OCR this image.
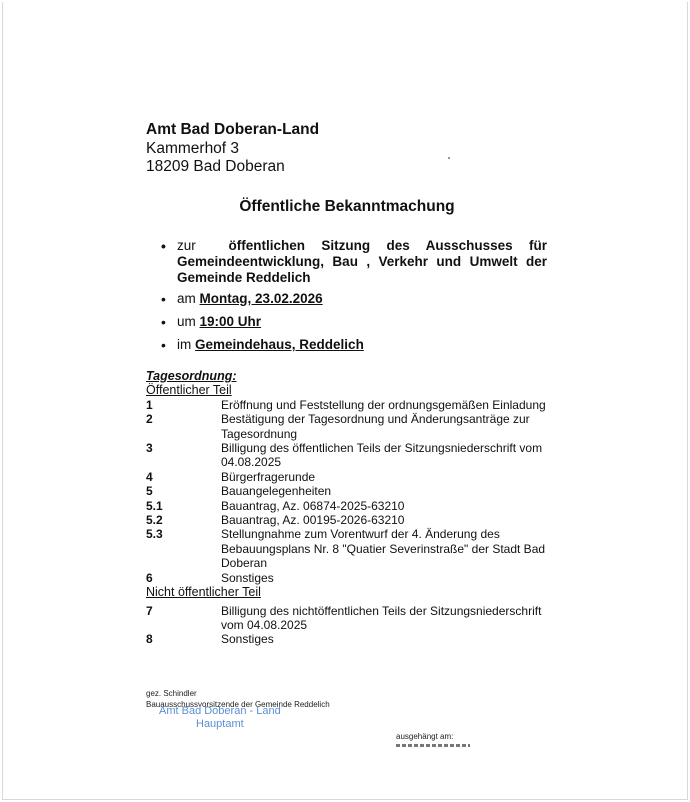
Amt Bad Doberan-Land
Kammerhof 3
18209 Bad Doberan
Öffentliche Bekanntmachung
• zur öffentlichen Sitzung des Ausschusses für Gemeindeentwicklung, Bau , Verkehr und Umwelt der Gemeinde Reddelich
• am Montag, 23.02.2026
• um 19:00 Uhr
• im Gemeindehaus, Reddelich
Tagesordnung:
Öffentlicher Teil
1	Eröffnung und Feststellung der ordnungsgemäßen Einladung
2	Bestätigung der Tagesordnung und Änderungsanträge zur Tagesordnung
3	Billigung des öffentlichen Teils der Sitzungsniederschrift vom 04.08.2025
4	Bürgerfragerunde
5	Bauangelegenheiten
5.1	Bauantrag, Az. 06874-2025-63210
5.2	Bauantrag, Az. 00195-2026-63210
5.3	Stellungnahme zum Vorentwurf der 4. Änderung des Bebauungsplans Nr. 8 "Quatier Severinstraße" der Stadt Bad Doberan
6	Sonstiges
Nicht öffentlicher Teil
7	Billigung des nichtöffentlichen Teils der Sitzungsniederschrift vom 04.08.2025
8	Sonstiges
gez. Schindler
Bauausschussvorsitzende der Gemeinde Reddelich
Amt Bad Doberan - Land
Hauptamt
ausgehängt am:
